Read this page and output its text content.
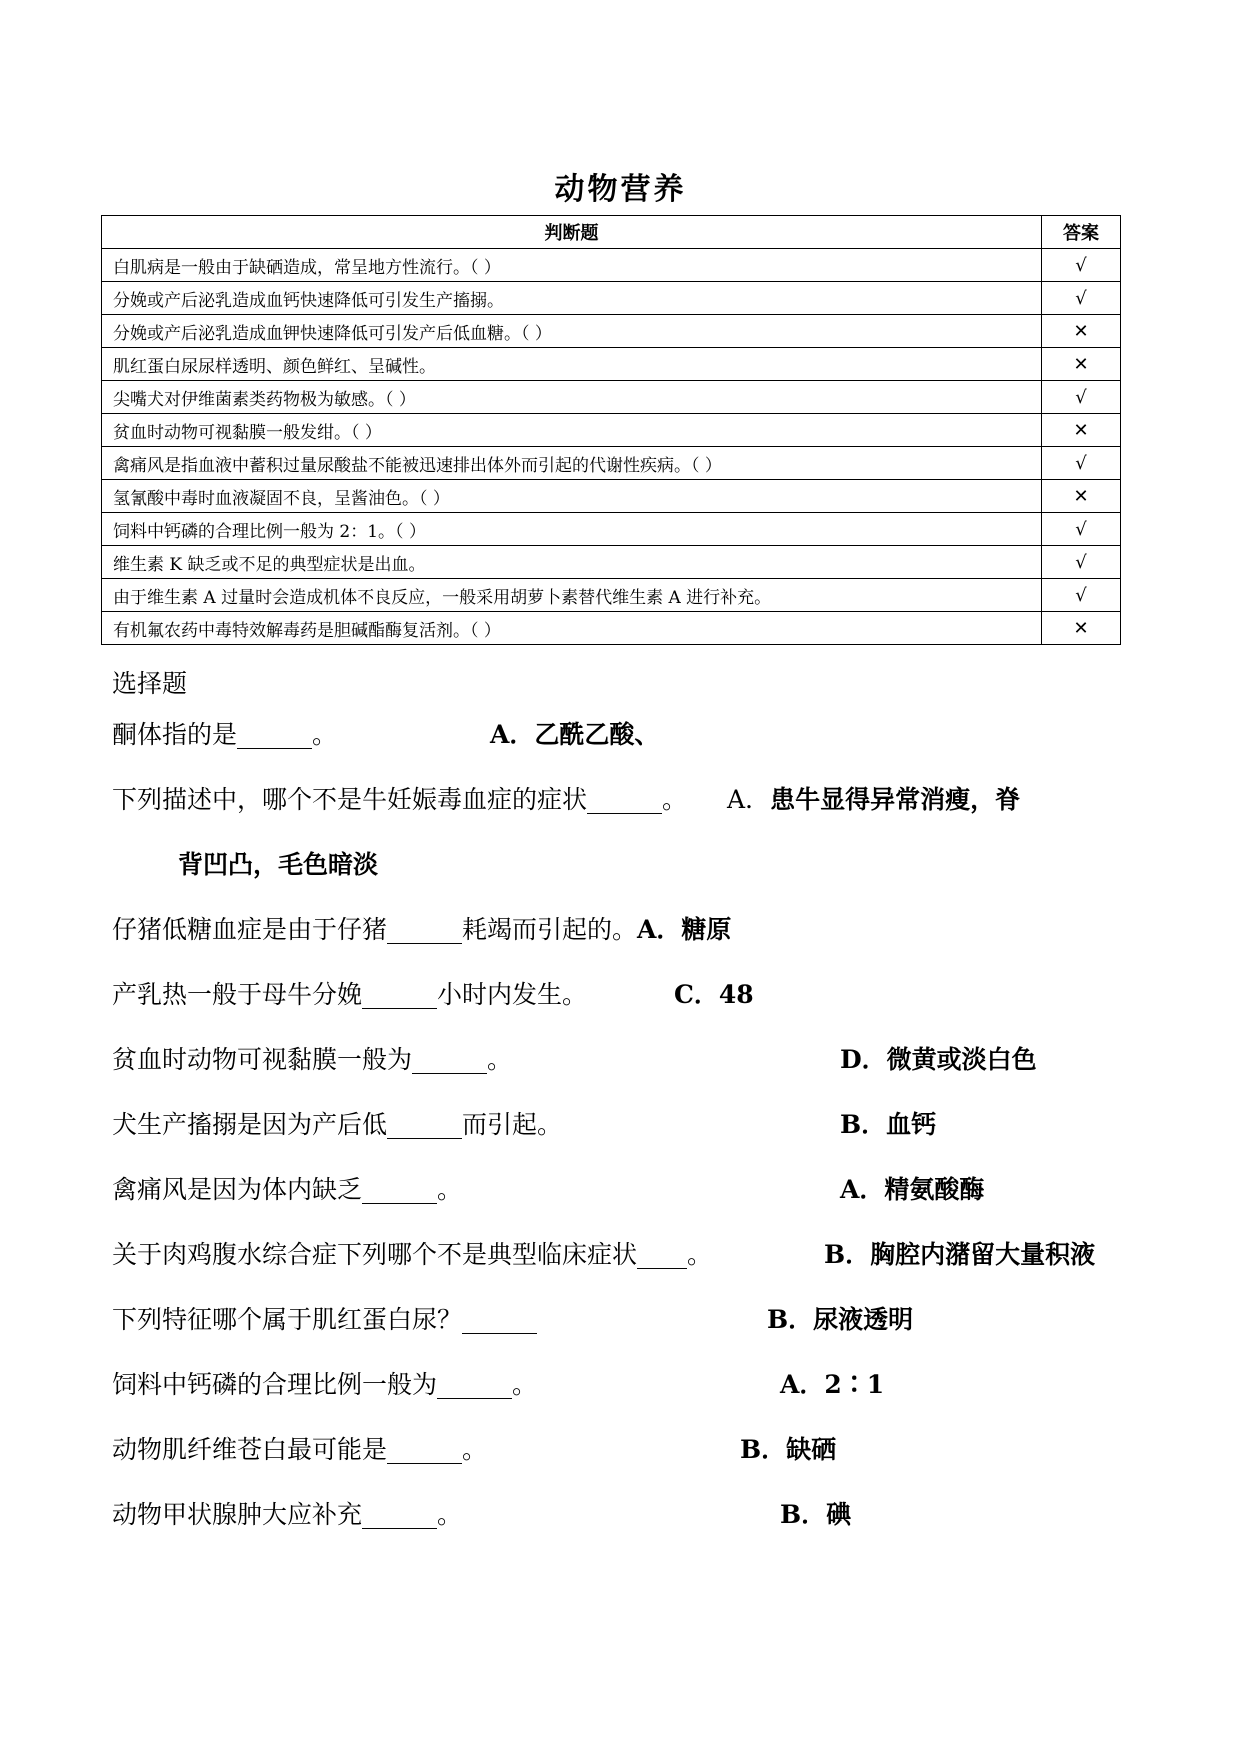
动物营养
判断题	答案
白肌病是一般由于缺硒造成，常呈地方性流行。（ ）	√
分娩或产后泌乳造成血钙快速降低可引发生产搐搦。	√
分娩或产后泌乳造成血钾快速降低可引发产后低血糖。（ ）	✕
肌红蛋白尿尿样透明、颜色鲜红、呈碱性。	✕
尖嘴犬对伊维菌素类药物极为敏感。（ ）	√
贫血时动物可视黏膜一般发绀。（ ）	✕
禽痛风是指血液中蓄积过量尿酸盐不能被迅速排出体外而引起的代谢性疾病。（ ）	√
氢氰酸中毒时血液凝固不良，呈酱油色。（ ）	✕
饲料中钙磷的合理比例一般为 2：1。（ ）	√
维生素 K 缺乏或不足的典型症状是出血。	√
由于维生素 A 过量时会造成机体不良反应，一般采用胡萝卜素替代维生素 A 进行补充。	√
有机氟农药中毒特效解毒药是胆碱酯酶复活剂。（ ）	✕
选择题
酮体指的是______。	A．乙酰乙酸、
下列描述中，哪个不是牛妊娠毒血症的症状______。 A．患牛显得异常消瘦，脊
背凹凸，毛色暗淡
仔猪低糖血症是由于仔猪______耗竭而引起的。A．糖原
产乳热一般于母牛分娩______小时内发生。	C．48
贫血时动物可视黏膜一般为______。	D．微黄或淡白色
犬生产搐搦是因为产后低______而引起。	B．血钙
禽痛风是因为体内缺乏______。	A．精氨酸酶
关于肉鸡腹水综合症下列哪个不是典型临床症状____。	B．胸腔内潴留大量积液
下列特征哪个属于肌红蛋白尿？______	B．尿液透明
饲料中钙磷的合理比例一般为______。	A．2∶1
动物肌纤维苍白最可能是______。	B．缺硒
动物甲状腺肿大应补充______。	B．碘
